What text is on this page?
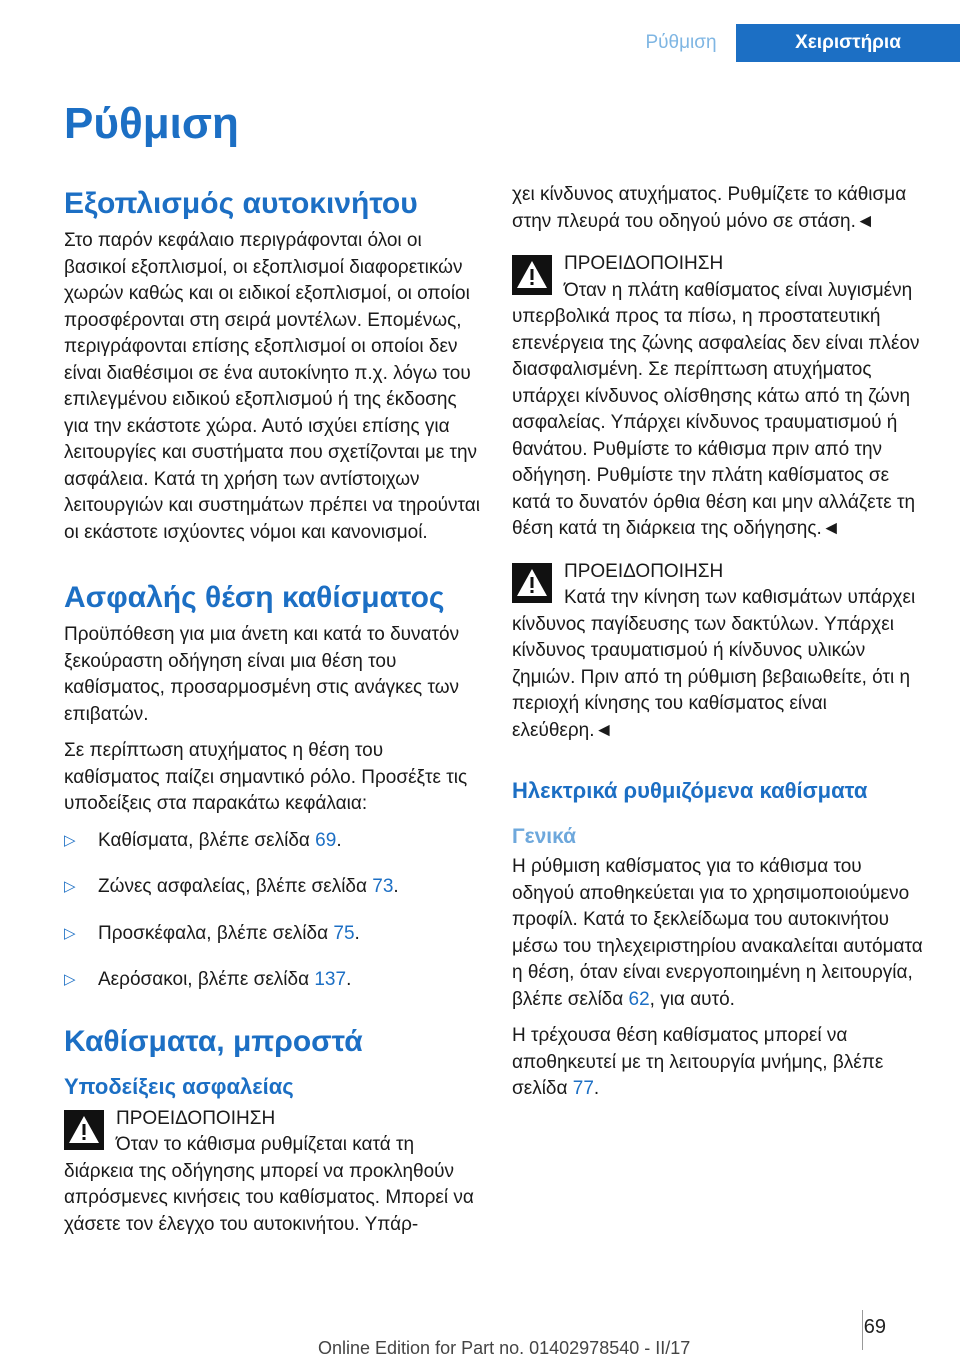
Ρύθμιση	Χειριστήρια
Ρύθμιση
Εξοπλισμός αυτοκινήτου

Στο παρόν κεφάλαιο περιγράφονται όλοι οι βασικοί εξοπλισμοί, οι εξοπλισμοί διαφορετικών χωρών καθώς και οι ειδικοί εξοπλισμοί, οι οποίοι προσφέρονται στη σειρά μοντέλων. Επομένως, περιγράφονται επίσης εξοπλισμοί οι οποίοι δεν είναι διαθέσιμοι σε ένα αυτοκίνητο π.χ. λόγω του επιλεγμένου ειδικού εξοπλισμού ή της έκδοσης για την εκάστοτε χώρα. Αυτό ισχύει επίσης για λειτουργίες και συστήματα που σχετίζονται με την ασφάλεια. Κατά τη χρήση των αντίστοιχων λειτουργιών και συστημάτων πρέπει να τηρούνται οι εκάστοτε ισχύοντες νόμοι και κανονισμοί.

Ασφαλής θέση καθίσματος

Προϋπόθεση για μια άνετη και κατά το δυνατόν ξεκούραστη οδήγηση είναι μια θέση του καθίσματος, προσαρμοσμένη στις ανάγκες των επιβατών.

Σε περίπτωση ατυχήματος η θέση του καθίσματος παίζει σημαντικό ρόλο. Προσέξτε τις υποδείξεις στα παρακάτω κεφάλαια:

▷ Καθίσματα, βλέπε σελίδα 69.
▷ Ζώνες ασφαλείας, βλέπε σελίδα 73.
▷ Προσκέφαλα, βλέπε σελίδα 75.
▷ Αερόσακοι, βλέπε σελίδα 137.
Καθίσματα, μπροστά
Υποδείξεις ασφαλείας
ΠΡΟΕΙΔΟΠΟΙΗΣΗ

Όταν το κάθισμα ρυθμίζεται κατά τη διάρκεια της οδήγησης μπορεί να προκληθούν απρόσμενες κινήσεις του καθίσματος. Μπορεί να χάσετε τον έλεγχο του αυτοκινήτου. Υπάρ-

χει κίνδυνος ατυχήματος. Ρυθμίζετε το κάθισμα στην πλευρά του οδηγού μόνο σε στάση.◄

ΠΡΟΕΙΔΟΠΟΙΗΣΗ

Όταν η πλάτη καθίσματος είναι λυγισμένη υπερβολικά προς τα πίσω, η προστατευτική επενέργεια της ζώνης ασφαλείας δεν είναι πλέον διασφαλισμένη. Σε περίπτωση ατυχήματος υπάρχει κίνδυνος ολίσθησης κάτω από τη ζώνη ασφαλείας. Υπάρχει κίνδυνος τραυματισμού ή θανάτου. Ρυθμίστε το κάθισμα πριν από την οδήγηση. Ρυθμίστε την πλάτη καθίσματος σε κατά το δυνατόν όρθια θέση και μην αλλάζετε τη θέση κατά τη διάρκεια της οδήγησης.◄

ΠΡΟΕΙΔΟΠΟΙΗΣΗ

Κατά την κίνηση των καθισμάτων υπάρχει κίνδυνος παγίδευσης των δακτύλων. Υπάρχει κίνδυνος τραυματισμού ή κίνδυνος υλικών ζημιών. Πριν από τη ρύθμιση βεβαιωθείτε, ότι η περιοχή κίνησης του καθίσματος είναι ελεύθερη.◄

Ηλεκτρικά ρυθμιζόμενα καθίσματα
Γενικά

Η ρύθμιση καθίσματος για το κάθισμα του οδηγού αποθηκεύεται για το χρησιμοποιούμενο προφίλ. Κατά το ξεκλείδωμα του αυτοκινήτου μέσω του τηλεχειριστηρίου ανακαλείται αυτόματα η θέση, όταν είναι ενεργοποιημένη η λειτουργία, βλέπε σελίδα 62, για αυτό.

Η τρέχουσα θέση καθίσματος μπορεί να αποθηκευτεί με τη λειτουργία μνήμης, βλέπε σελίδα 77.

69
Online Edition for Part no. 01402978540 - II/17
